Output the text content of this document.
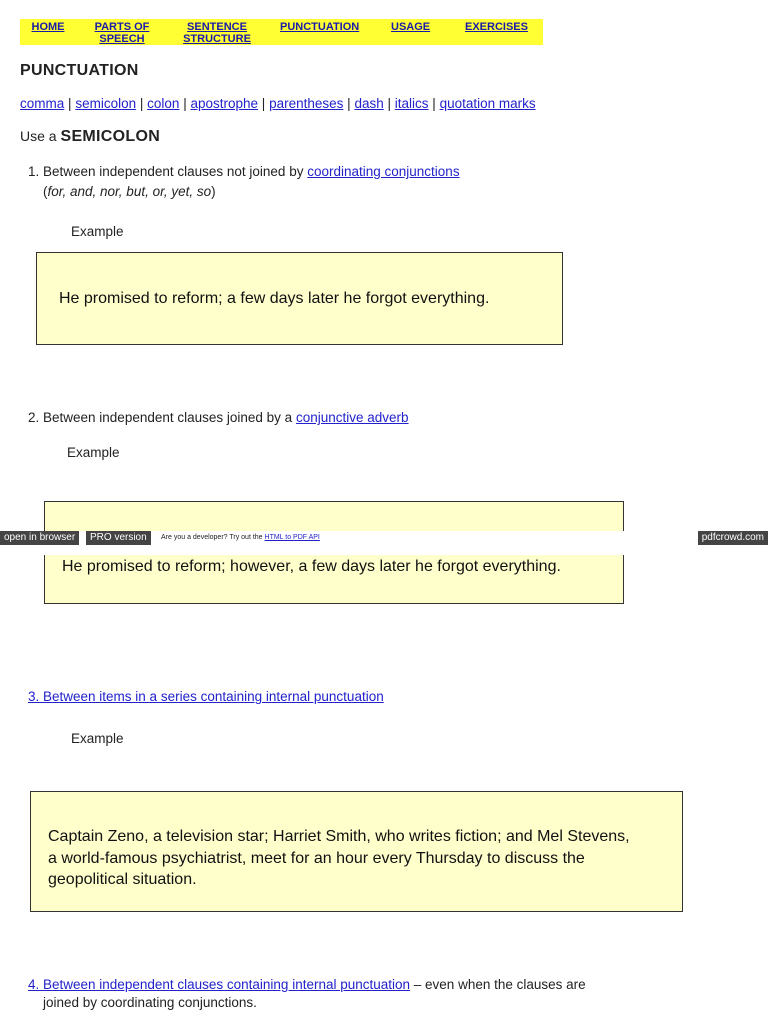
HOME	PARTS OF SPEECH
SENTENCE STRUCTURE
PUNCTUATION	USAGE	EXERCISES
PUNCTUATION
comma | semicolon | colon | apostrophe | parentheses | dash | italics | quotation marks
Use a SEMICOLON
1. Between independent clauses not joined by coordinating conjunctions
(for, and, nor, but, or, yet, so)
Example
He promised to reform; a few days later he forgot everything.
2. Between independent clauses joined by a conjunctive adverb
Example
He promised to reform; however, a few days later he forgot everything.
open in browser	PRO version	Are you a developer? Try out the HTML to PDF API	pdfcrowd.com
3. Between items in a series containing internal punctuation
Example
Captain Zeno, a television star; Harriet Smith, who writes fiction; and Mel Stevens,
a world-famous psychiatrist, meet for an hour every Thursday to discuss the
geopolitical situation.
4. Between independent clauses containing internal punctuation – even when the clauses are
joined by coordinating conjunctions.
